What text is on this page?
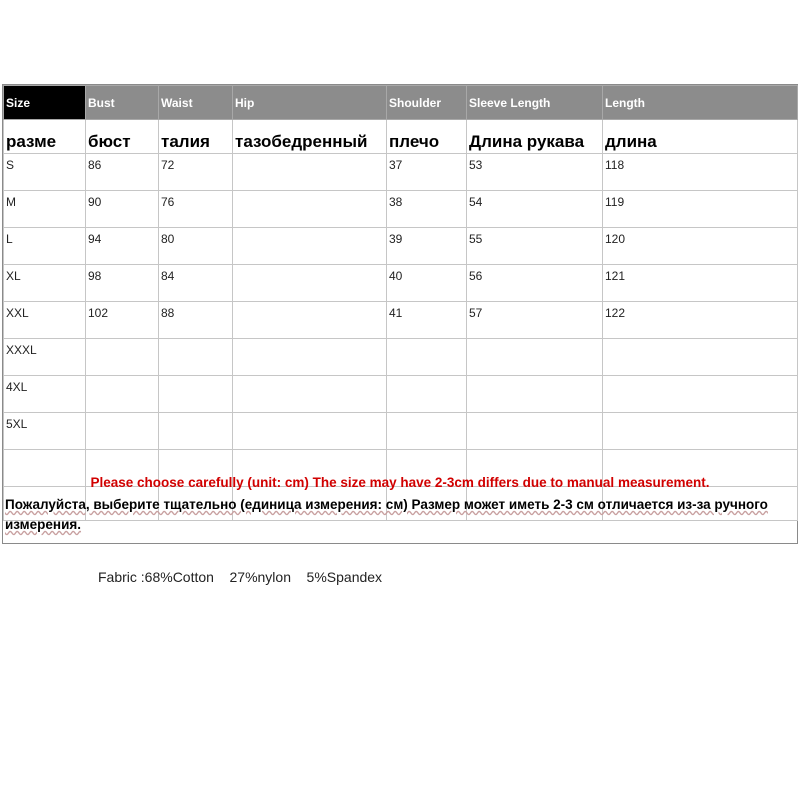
Size	Bust	Waist	Hip	Shoulder	Sleeve Length	Length
разме	бюст	талия	тазобедренный	плечо	Длина рукава	длина
S	86	72		37	53	118
M	90	76		38	54	119
L	94	80		39	55	120
XL	98	84		40	56	121
XXL	102	88		41	57	122
XXXL						
4XL						
5XL						

Please choose carefully (unit: cm) The size may have 2-3cm differs due to manual measurement.
Пожалуйста, выберите тщательно (единица измерения: см) Размер может иметь 2-3 см отличается из-за ручного измерения.
Fabric :68%Cotton    27%nylon    5%Spandex
